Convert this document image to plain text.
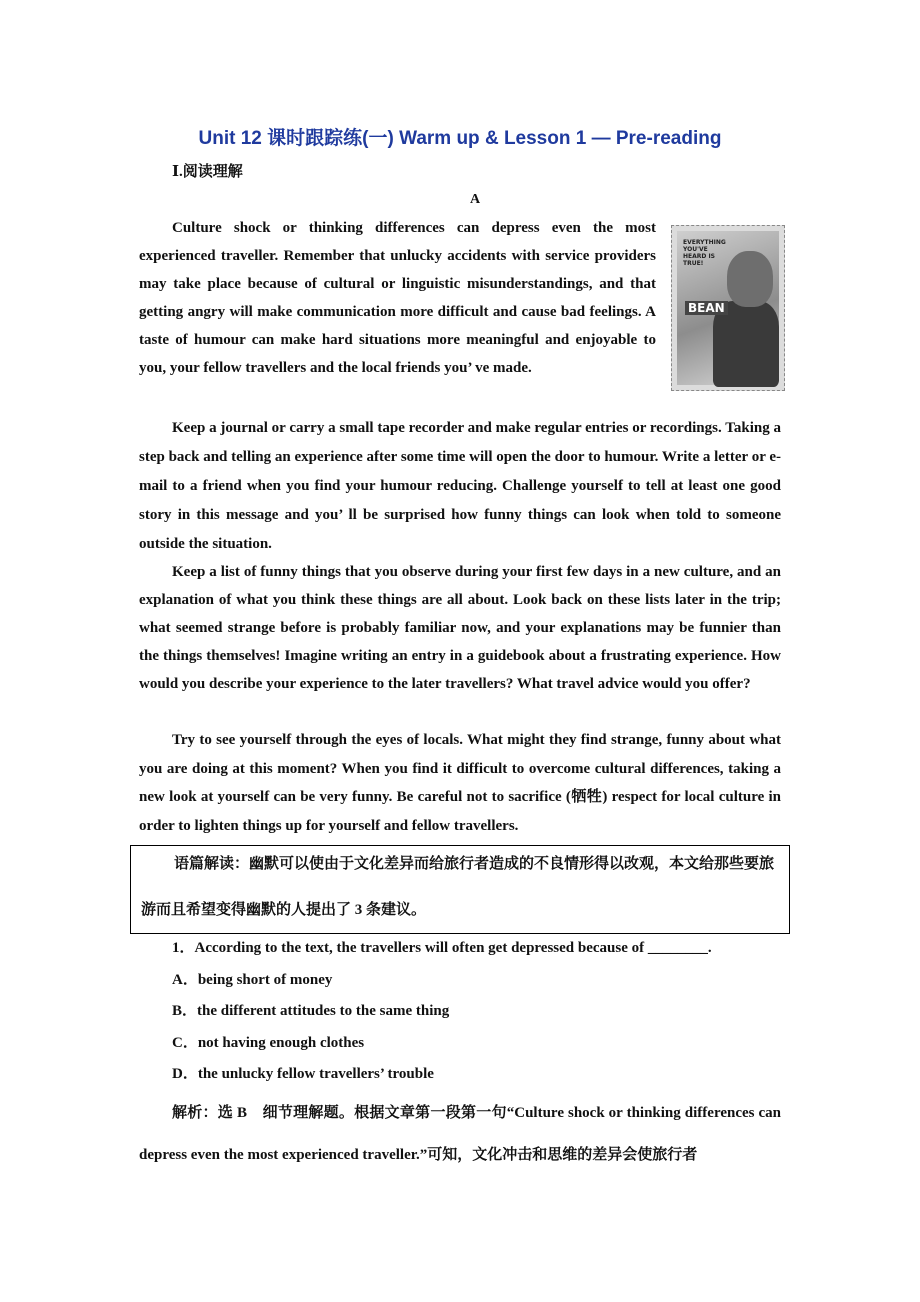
Unit 12 课时跟踪练(一) Warm up & Lesson 1 — Pre-reading
Ⅰ.阅读理解
A

Culture shock or thinking differences can depress even the most experienced traveller. Remember that unlucky accidents with service providers may take place because of cultural or linguistic misunderstandings, and that getting angry will make communication more difficult and cause bad feelings. A taste of humour can make hard situations more meaningful and enjoyable to you, your fellow travellers and the local friends you’ ve made.

EVERYTHING YOU'VE HEARD IS TRUE!
BEAN

Keep a journal or carry a small tape recorder and make regular entries or recordings. Taking a step back and telling an experience after some time will open the door to humour. Write a letter or e-mail to a friend when you find your humour reducing. Challenge yourself to tell at least one good story in this message and you’ ll be surprised how funny things can look when told to someone outside the situation.

Keep a list of funny things that you observe during your first few days in a new culture, and an explanation of what you think these things are all about. Look back on these lists later in the trip; what seemed strange before is probably familiar now, and your explanations may be funnier than the things themselves! Imagine writing an entry in a guidebook about a frustrating experience. How would you describe your experience to the later travellers? What travel advice would you offer?

Try to see yourself through the eyes of locals. What might they find strange, funny about what you are doing at this moment? When you find it difficult to overcome cultural differences, taking a new look at yourself can be very funny. Be careful not to sacrifice (牺牲) respect for local culture in order to lighten things up for yourself and fellow travellers.

语篇解读：幽默可以使由于文化差异而给旅行者造成的不良情形得以改观，本文给那些要旅游而且希望变得幽默的人提出了 3 条建议。

1．According to the text, the travellers will often get depressed because of ________.
A．being short of money
B．the different attitudes to the same thing
C．not having enough clothes
D．the unlucky fellow travellers’ trouble

解析：选 B　细节理解题。根据文章第一段第一句“Culture shock or thinking differences can depress even the most experienced traveller.”可知，文化冲击和思维的差异会使旅行者
